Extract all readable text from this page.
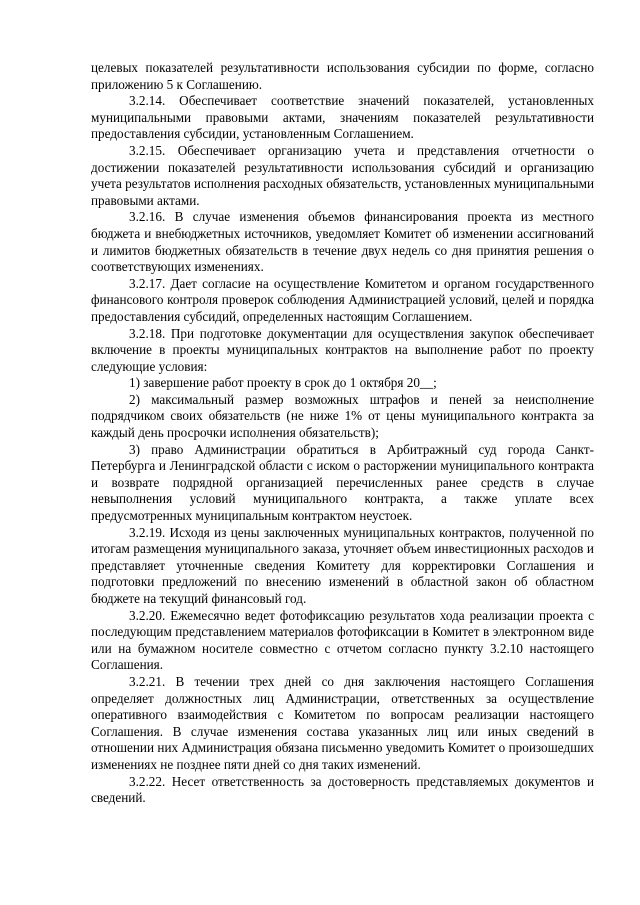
целевых показателей результативности использования субсидии по форме, согласно приложению 5 к Соглашению.

3.2.14. Обеспечивает соответствие значений показателей, установленных муниципальными правовыми актами, значениям показателей результативности предоставления субсидии, установленным Соглашением.

3.2.15. Обеспечивает организацию учета и представления отчетности о достижении показателей результативности использования субсидий и организацию учета результатов исполнения расходных обязательств, установленных муниципальными правовыми актами.

3.2.16. В случае изменения объемов финансирования проекта из местного бюджета и внебюджетных источников, уведомляет Комитет об изменении ассигнований и лимитов бюджетных обязательств в течение двух недель со дня принятия решения о соответствующих изменениях.

3.2.17. Дает согласие на осуществление Комитетом и органом государственного финансового контроля проверок соблюдения Администрацией условий, целей и порядка предоставления субсидий, определенных настоящим Соглашением.

3.2.18. При подготовке документации для осуществления закупок обеспечивает включение в проекты муниципальных контрактов на выполнение работ по проекту следующие условия:

1) завершение работ проекту в срок до 1 октября 20__;

2) максимальный размер возможных штрафов и пеней за неисполнение подрядчиком своих обязательств (не ниже 1% от цены муниципального контракта за каждый день просрочки исполнения обязательств);

3) право Администрации обратиться в Арбитражный суд города Санкт-Петербурга и Ленинградской области с иском о расторжении муниципального контракта и возврате подрядной организацией перечисленных ранее средств в случае невыполнения условий муниципального контракта, а также уплате всех предусмотренных муниципальным контрактом неустоек.

3.2.19. Исходя из цены заключенных муниципальных контрактов, полученной по итогам размещения муниципального заказа, уточняет объем инвестиционных расходов и представляет уточненные сведения Комитету для корректировки Соглашения и подготовки предложений по внесению изменений в областной закон об областном бюджете на текущий финансовый год.

3.2.20. Ежемесячно ведет фотофиксацию результатов хода реализации проекта с последующим представлением материалов фотофиксации в Комитет в электронном виде или на бумажном носителе совместно с отчетом согласно пункту 3.2.10 настоящего Соглашения.

3.2.21. В течении трех дней со дня заключения настоящего Соглашения определяет должностных лиц Администрации, ответственных за осуществление оперативного взаимодействия с Комитетом по вопросам реализации настоящего Соглашения. В случае изменения состава указанных лиц или иных сведений в отношении них Администрация обязана письменно уведомить Комитет о произошедших изменениях не позднее пяти дней со дня таких изменений.

3.2.22. Несет ответственность за достоверность представляемых документов и сведений.
